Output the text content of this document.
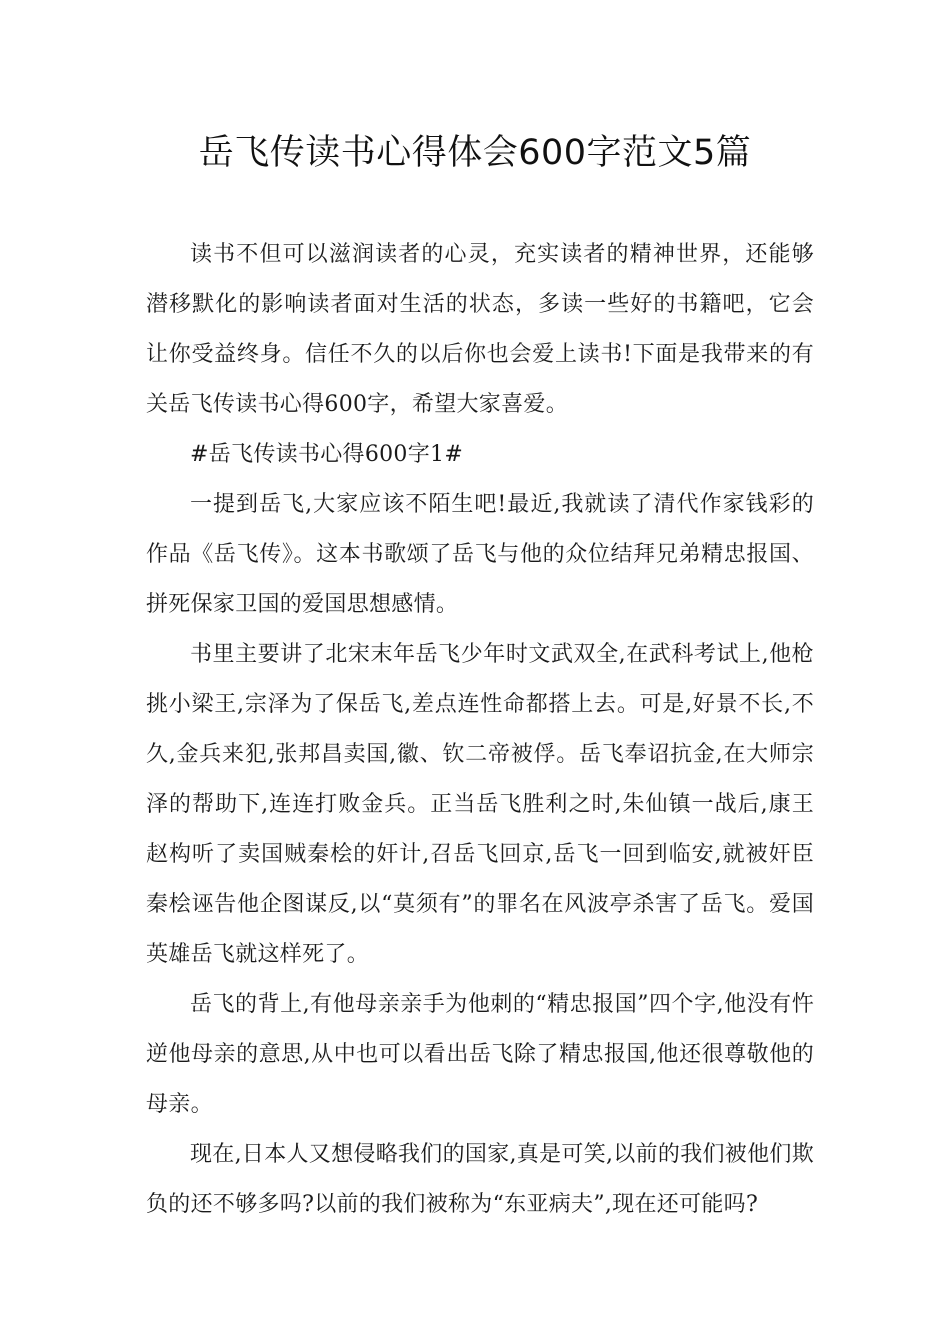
岳飞传读书心得体会600字范文5篇

读书不但可以滋润读者的心灵，充实读者的精神世界，还能够潜移默化的影响读者面对生活的状态，多读一些好的书籍吧，它会让你受益终身。信任不久的以后你也会爱上读书!下面是我带来的有关岳飞传读书心得600字，希望大家喜爱。

#岳飞传读书心得600字1#

一提到岳飞,大家应该不陌生吧!最近,我就读了清代作家钱彩的作品《岳飞传》。这本书歌颂了岳飞与他的众位结拜兄弟精忠报国、拼死保家卫国的爱国思想感情。

书里主要讲了北宋末年岳飞少年时文武双全,在武科考试上,他枪挑小梁王,宗泽为了保岳飞,差点连性命都搭上去。可是,好景不长,不久,金兵来犯,张邦昌卖国,徽、钦二帝被俘。岳飞奉诏抗金,在大师宗泽的帮助下,连连打败金兵。正当岳飞胜利之时,朱仙镇一战后,康王赵构听了卖国贼秦桧的奸计,召岳飞回京,岳飞一回到临安,就被奸臣秦桧诬告他企图谋反,以“莫须有”的罪名在风波亭杀害了岳飞。爱国英雄岳飞就这样死了。

岳飞的背上,有他母亲亲手为他刺的“精忠报国”四个字,他没有忤逆他母亲的意思,从中也可以看出岳飞除了精忠报国,他还很尊敬他的母亲。

现在,日本人又想侵略我们的国家,真是可笑,以前的我们被他们欺负的还不够多吗?以前的我们被称为“东亚病夫”,现在还可能吗?
